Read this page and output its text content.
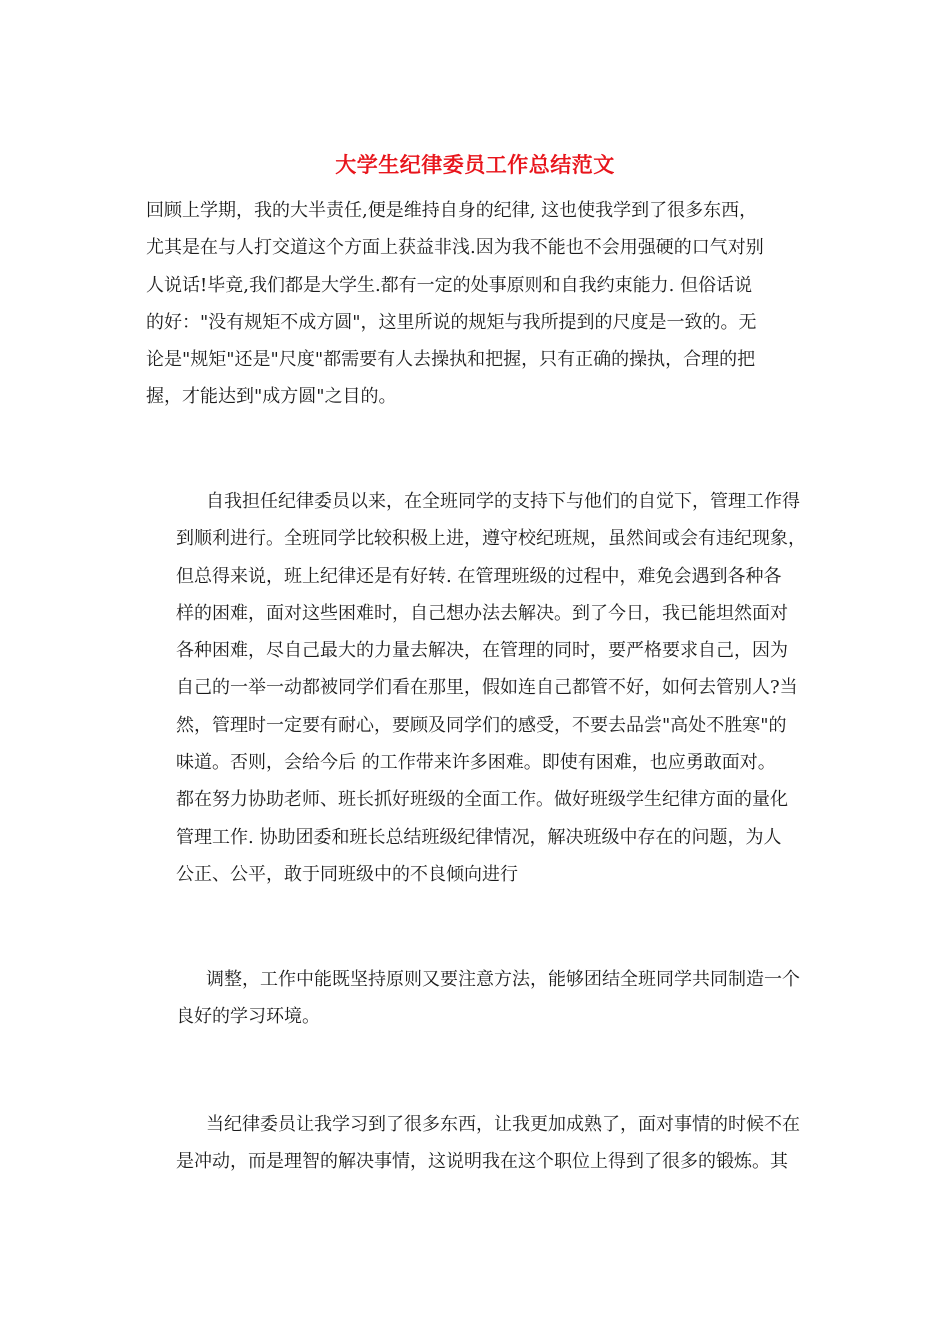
大学生纪律委员工作总结范文
回顾上学期，我的大半责任,便是维持自身的纪律, 这也使我学到了很多东西，
尤其是在与人打交道这个方面上获益非浅.因为我不能也不会用强硬的口气对别
人说话!毕竟,我们都是大学生.都有一定的处事原则和自我约束能力. 但俗话说
的好："没有规矩不成方圆"，这里所说的规矩与我所提到的尺度是一致的。无
论是"规矩"还是"尺度"都需要有人去操执和把握，只有正确的操执，合理的把
握，才能达到"成方圆"之目的。
自我担任纪律委员以来，在全班同学的支持下与他们的自觉下，管理工作得
到顺利进行。全班同学比较积极上进，遵守校纪班规，虽然间或会有违纪现象，
但总得来说，班上纪律还是有好转. 在管理班级的过程中，难免会遇到各种各
样的困难，面对这些困难时，自己想办法去解决。到了今日，我已能坦然面对
各种困难，尽自己最大的力量去解决，在管理的同时，要严格要求自己，因为
自己的一举一动都被同学们看在那里，假如连自己都管不好，如何去管别人?当
然，管理时一定要有耐心，要顾及同学们的感受，不要去品尝"高处不胜寒"的
味道。否则，会给今后 的工作带来许多困难。即使有困难，也应勇敢面对。
都在努力协助老师、班长抓好班级的全面工作。做好班级学生纪律方面的量化
管理工作. 协助团委和班长总结班级纪律情况，解决班级中存在的问题，为人
公正、公平，敢于同班级中的不良倾向进行
调整，工作中能既坚持原则又要注意方法，能够团结全班同学共同制造一个
良好的学习环境。
当纪律委员让我学习到了很多东西，让我更加成熟了，面对事情的时候不在
是冲动，而是理智的解决事情，这说明我在这个职位上得到了很多的锻炼。其
